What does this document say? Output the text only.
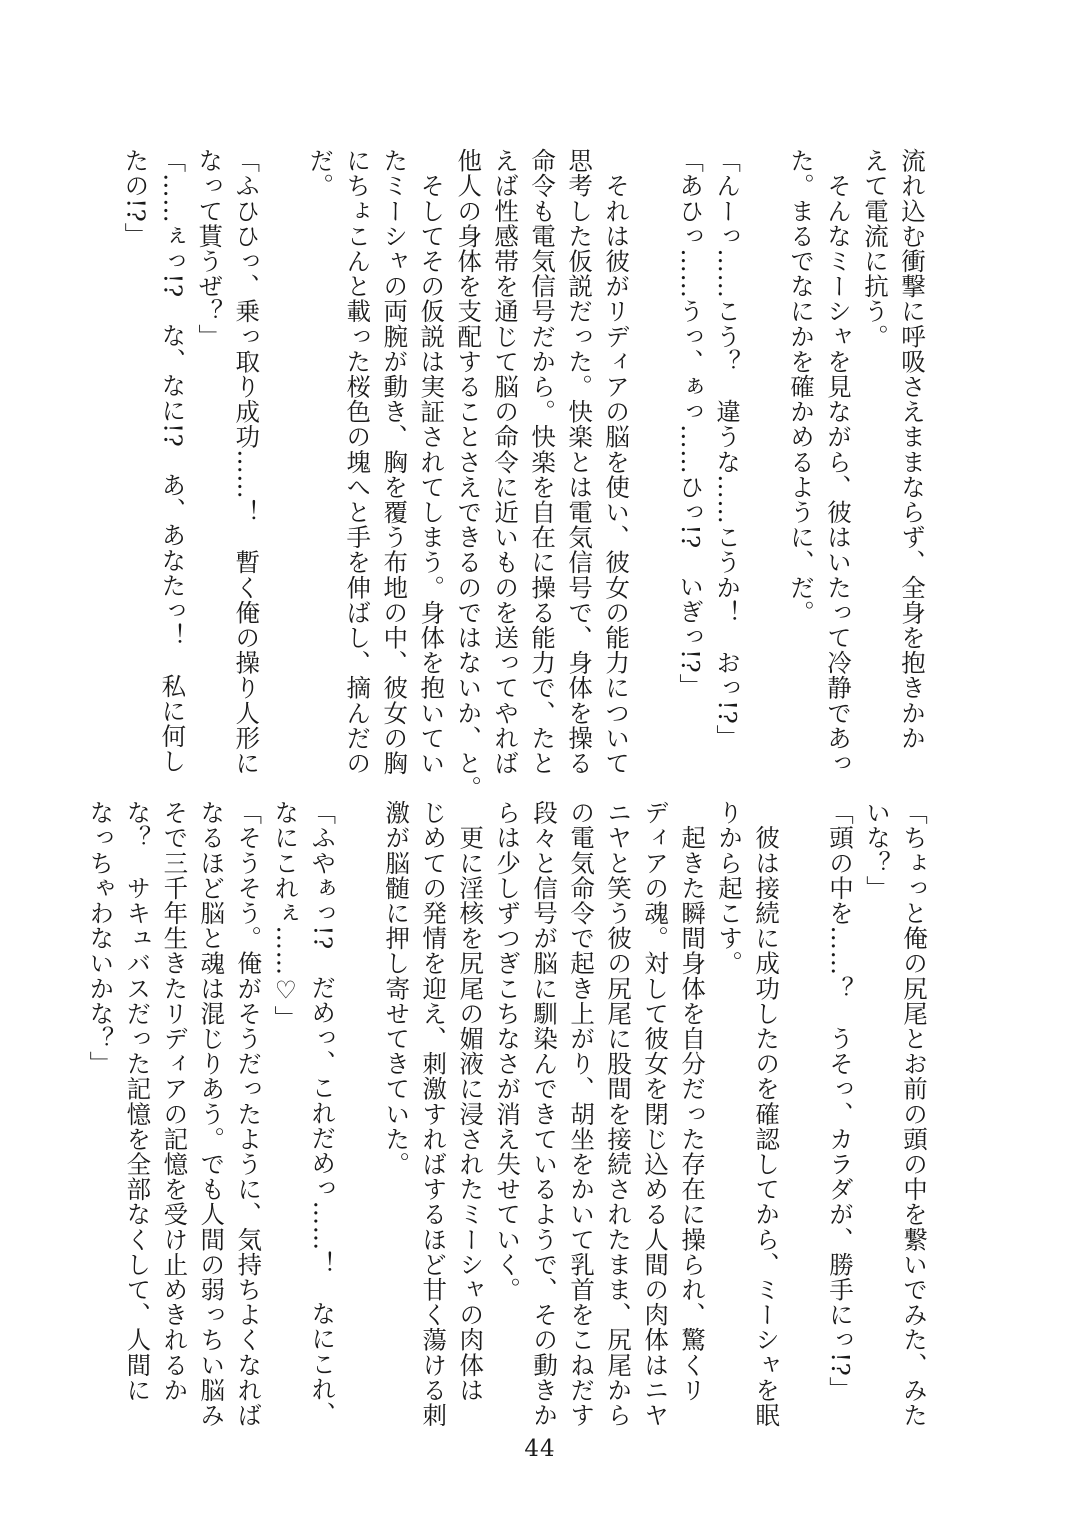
流れ込む衝撃に呼吸さえままならず、全身を抱きかか
えて電流に抗う。
　そんなミーシャを見ながら、彼はいたって冷静であっ
た。まるでなにかを確かめるように、だ。

「んーっ……こう？　違うな……こうか！　おっ!?」
「あひっ……うっ、ぁっ……ひっ!?　いぎっ!?」

　それは彼がリディアの脳を使い、彼女の能力について
思考した仮説だった。快楽とは電気信号で、身体を操る
命令も電気信号だから。快楽を自在に操る能力で、たと
えば性感帯を通じて脳の命令に近いものを送ってやれば
他人の身体を支配することさえできるのではないか、と。
　そしてその仮説は実証されてしまう。身体を抱いてい
たミーシャの両腕が動き、胸を覆う布地の中、彼女の胸
にちょこんと載った桜色の塊へと手を伸ばし、摘んだの
だ。

「ふひひっ、乗っ取り成功……！　暫く俺の操り人形に
なって貰うぜ？」
「……ぇっ!?　な、なに!?　あ、あなたっ！　私に何し
たの!?」
「ちょっと俺の尻尾とお前の頭の中を繋いでみた、みた
いな？」
「頭の中を……？　うそっ、カラダが、勝手にっ!?」

　彼は接続に成功したのを確認してから、ミーシャを眠
りから起こす。
　起きた瞬間身体を自分だった存在に操られ、驚くリ
ディアの魂。対して彼女を閉じ込める人間の肉体はニヤ
ニヤと笑う彼の尻尾に股間を接続されたまま、尻尾から
の電気命令で起き上がり、胡坐をかいて乳首をこねだす
段々と信号が脳に馴染んできているようで、その動きか
らは少しずつぎこちなさが消え失せていく。
　更に淫核を尻尾の媚液に浸されたミーシャの肉体は
じめての発情を迎え、刺激すればするほど甘く蕩ける刺
激が脳髄に押し寄せてきていた。

「ふやぁっ!?　だめっ、これだめっ……！　なにこれ、
なにこれぇ……♡」
「そうそう。俺がそうだったように、気持ちよくなれば
なるほど脳と魂は混じりあう。でも人間の弱っちい脳み
そで三千年生きたリディアの記憶を受け止めきれるか
な？　サキュバスだった記憶を全部なくして、人間に
なっちゃわないかな？」
44
